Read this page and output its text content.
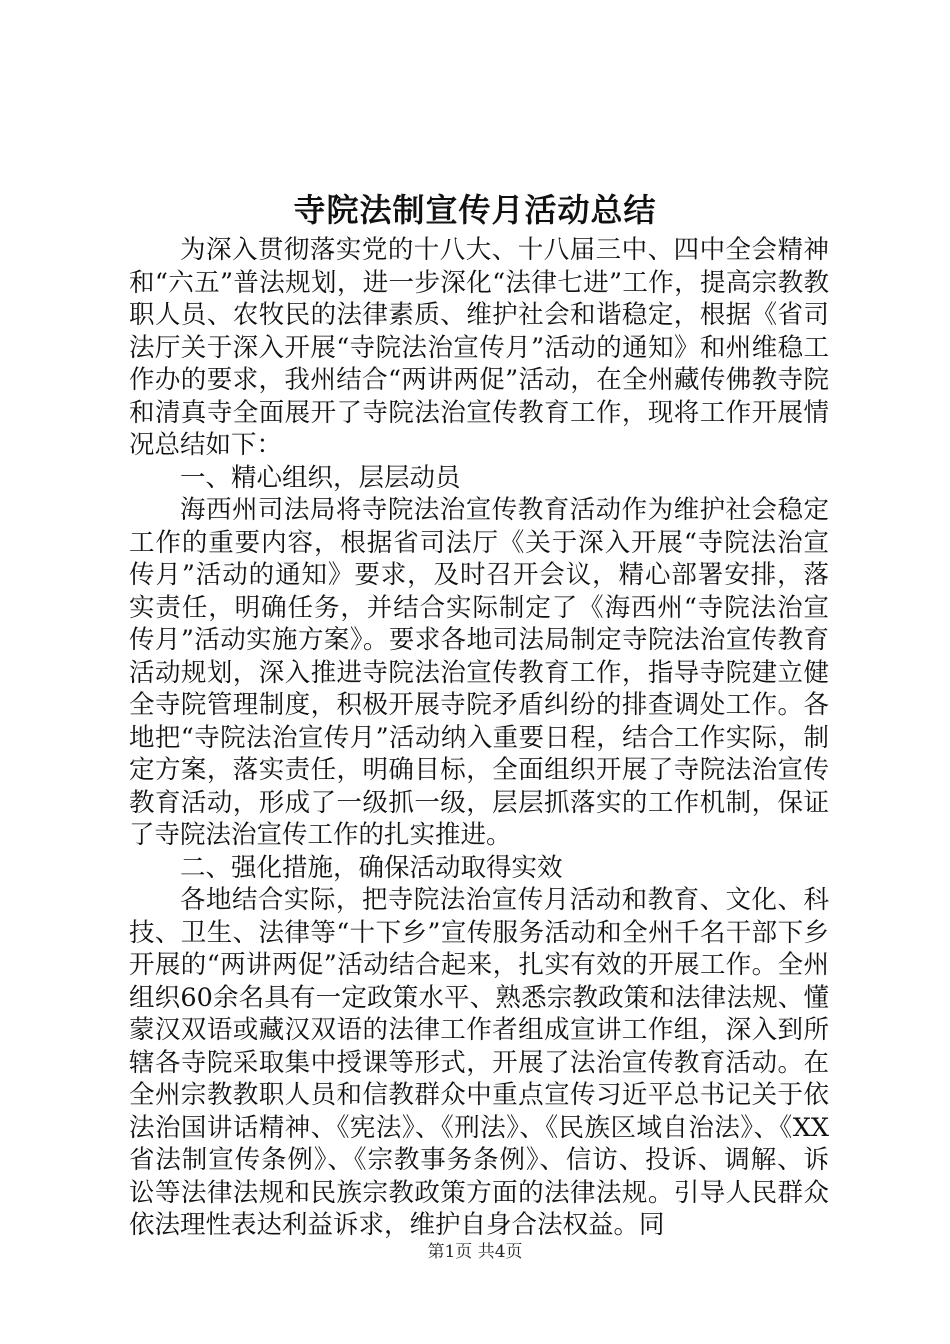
寺院法制宣传月活动总结

为深入贯彻落实党的十八大、十八届三中、四中全会精神和“六五”普法规划，进一步深化“法律七进”工作，提高宗教教职人员、农牧民的法律素质、维护社会和谐稳定，根据《省司法厅关于深入开展“寺院法治宣传月”活动的通知》和州维稳工作办的要求，我州结合“两讲两促”活动，在全州藏传佛教寺院和清真寺全面展开了寺院法治宣传教育工作，现将工作开展情况总结如下：

一、精心组织，层层动员

海西州司法局将寺院法治宣传教育活动作为维护社会稳定工作的重要内容，根据省司法厅《关于深入开展“寺院法治宣传月”活动的通知》要求，及时召开会议，精心部署安排，落实责任，明确任务，并结合实际制定了《海西州“寺院法治宣传月”活动实施方案》。要求各地司法局制定寺院法治宣传教育活动规划，深入推进寺院法治宣传教育工作，指导寺院建立健全寺院管理制度，积极开展寺院矛盾纠纷的排查调处工作。各地把“寺院法治宣传月”活动纳入重要日程，结合工作实际，制定方案，落实责任，明确目标，全面组织开展了寺院法治宣传教育活动，形成了一级抓一级，层层抓落实的工作机制，保证了寺院法治宣传工作的扎实推进。

二、强化措施，确保活动取得实效

各地结合实际，把寺院法治宣传月活动和教育、文化、科技、卫生、法律等“十下乡”宣传服务活动和全州千名干部下乡开展的“两讲两促”活动结合起来，扎实有效的开展工作。全州组织60余名具有一定政策水平、熟悉宗教政策和法律法规、懂蒙汉双语或藏汉双语的法律工作者组成宣讲工作组，深入到所辖各寺院采取集中授课等形式，开展了法治宣传教育活动。在全州宗教教职人员和信教群众中重点宣传习近平总书记关于依法治国讲话精神、《宪法》、《刑法》、《民族区域自治法》、《XX省法制宣传条例》、《宗教事务条例》、信访、投诉、调解、诉讼等法律法规和民族宗教政策方面的法律法规。引导人民群众依法理性表达利益诉求，维护自身合法权益。同

第1页 共4页
